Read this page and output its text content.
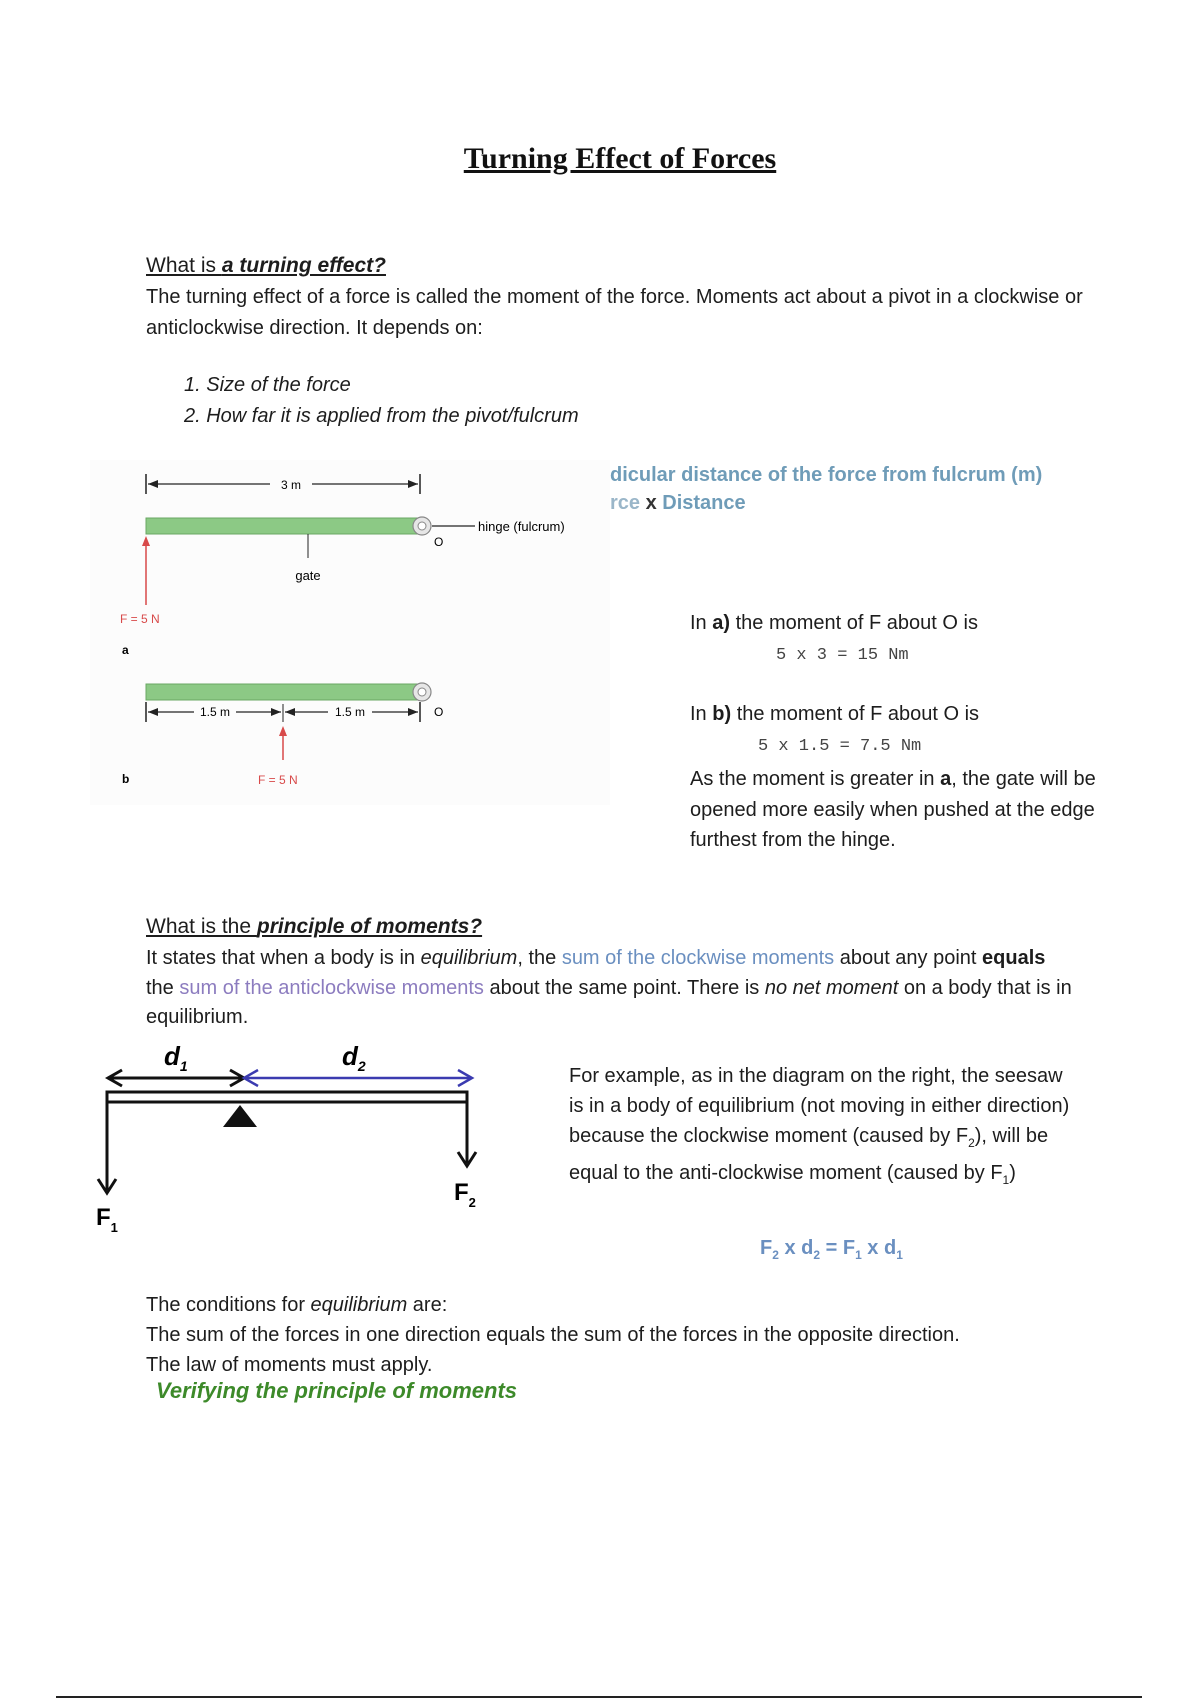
Turning Effect of Forces
What is a turning effect?
The turning effect of a force is called the moment of the force. Moments act about a pivot in a clockwise or anticlockwise direction. It depends on:
1. Size of the force
2. How far it is applied from the pivot/fulcrum
dicular distance of the force from fulcrum (m)
rce x Distance
3 m
hinge (fulcrum)
O
gate
F = 5 N
a
O
1.5 m	1.5 m
F = 5 N
b
In a) the moment of F about O is
5 x 3 = 15 Nm
In b) the moment of F about O is
5 x 1.5 = 7.5 Nm
As the moment is greater in a, the gate will be opened more easily when pushed at the edge furthest from the hinge.
What is the principle of moments?
It states that when a body is in equilibrium, the sum of the clockwise moments about any point equals the sum of the anticlockwise moments about the same point. There is no net moment on a body that is in equilibrium.
$d_1$	$d_2$
$F_1$
$F_2$
For example, as in the diagram on the right, the seesaw is in a body of equilibrium (not moving in either direction) because the clockwise moment (caused by $F_2$), will be equal to the anti-clockwise moment (caused by $F_1$)
$F_2$ x $d_2 = F_1$ x $d_1$
The conditions for equilibrium are:
The sum of the forces in one direction equals the sum of the forces in the opposite direction.
The law of moments must apply.
Verifying the principle of moments
